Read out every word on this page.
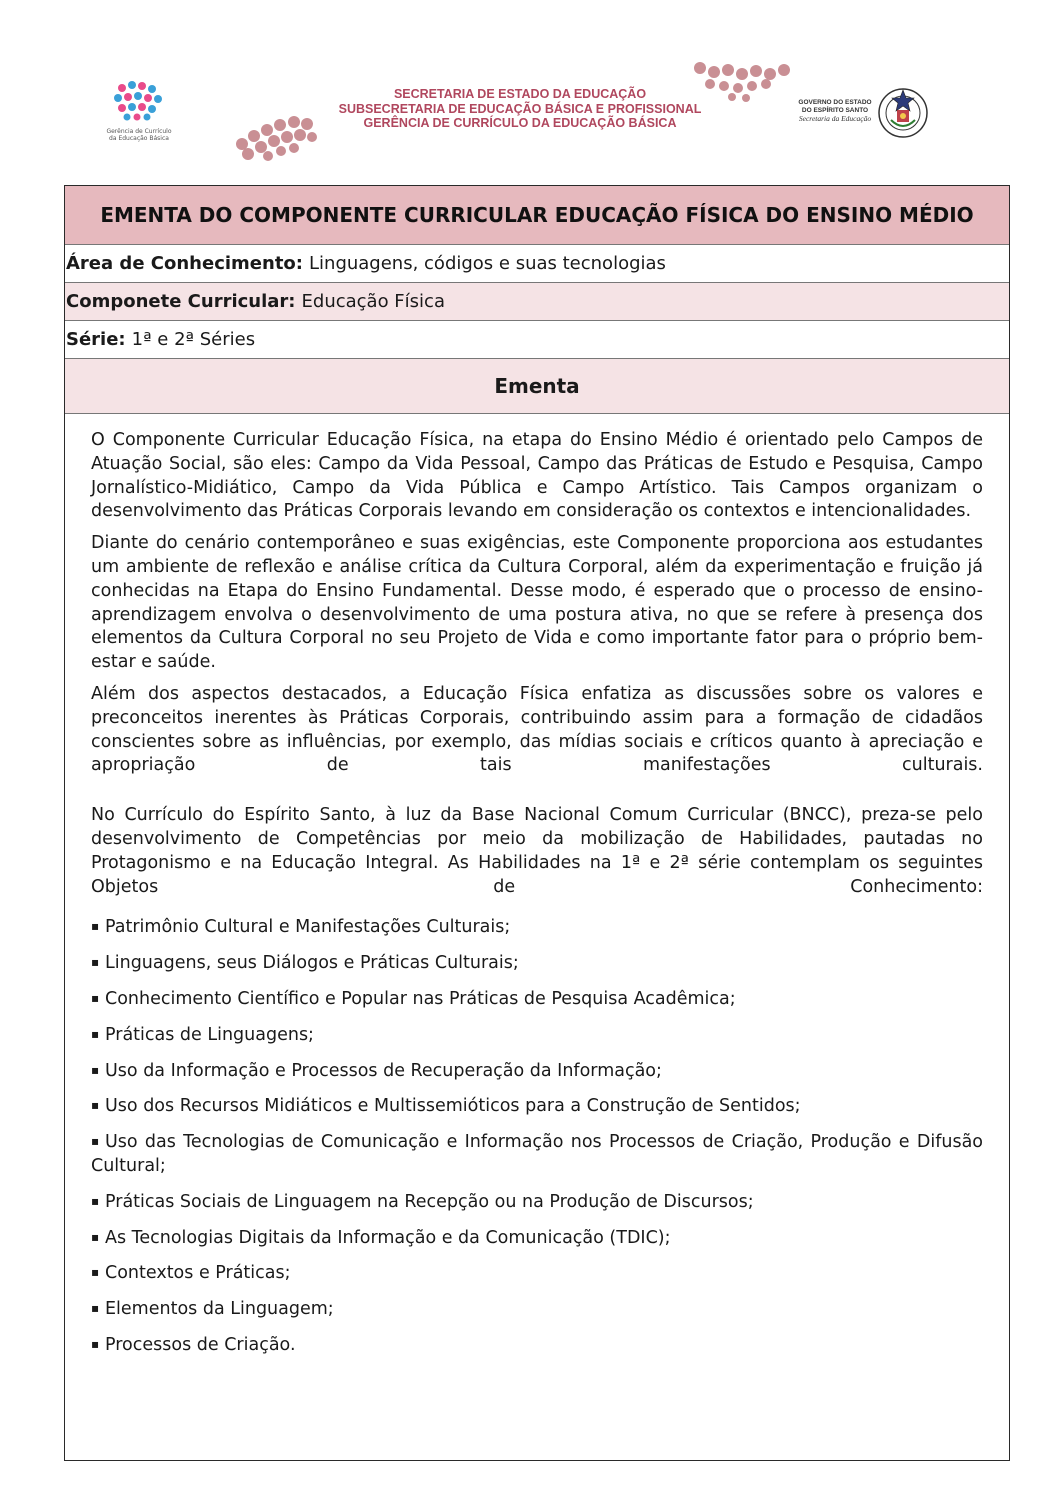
Gerência de Currículo
da Educação Básica
SECRETARIA DE ESTADO DA EDUCAÇÃO
SUBSECRETARIA DE EDUCAÇÃO BÁSICA E PROFISSIONAL
GERÊNCIA DE CURRÍCULO DA EDUCAÇÃO BÁSICA
GOVERNO DO ESTADO
DO ESPÍRITO SANTO
Secretaria da Educação
EMENTA DO COMPONENTE CURRICULAR EDUCAÇÃO FÍSICA DO ENSINO MÉDIO
Área de Conhecimento: Linguagens, códigos e suas tecnologias
Componete Curricular: Educação Física
Série: 1ª e 2ª Séries
Ementa

O Componente Curricular Educação Física, na etapa do Ensino Médio é orientado pelo Campos de Atuação Social, são eles: Campo da Vida Pessoal, Campo das Práticas de Estudo e Pesquisa, Campo Jornalístico-Midiático, Campo da Vida Pública e Campo Artístico. Tais Campos organizam o desenvolvimento das Práticas Corporais levando em consideração os contextos e intencionalidades.

Diante do cenário contemporâneo e suas exigências, este Componente proporciona aos estudantes um ambiente de reflexão e análise crítica da Cultura Corporal, além da experimentação e fruição já conhecidas na Etapa do Ensino Fundamental. Desse modo, é esperado que o processo de ensino-aprendizagem envolva o desenvolvimento de uma postura ativa, no que se refere à presença dos elementos da Cultura Corporal no seu Projeto de Vida e como importante fator para o próprio bem-estar e saúde.

Além dos aspectos destacados, a Educação Física enfatiza as discussões sobre os valores e preconceitos inerentes às Práticas Corporais, contribuindo assim para a formação de cidadãos conscientes sobre as influências, por exemplo, das mídias sociais e críticos quanto à apreciação e apropriação de tais manifestações culturais.

No Currículo do Espírito Santo, à luz da Base Nacional Comum Curricular (BNCC), preza-se pelo desenvolvimento de Competências por meio da mobilização de Habilidades, pautadas no Protagonismo e na Educação Integral. As Habilidades na 1ª e 2ª série contemplam os seguintes Objetos de Conhecimento:

▪ Patrimônio Cultural e Manifestações Culturais;
▪ Linguagens, seus Diálogos e Práticas Culturais;
▪ Conhecimento Científico e Popular nas Práticas de Pesquisa Acadêmica;
▪ Práticas de Linguagens;
▪ Uso da Informação e Processos de Recuperação da Informação;
▪ Uso dos Recursos Midiáticos e Multissemióticos para a Construção de Sentidos;
▪ Uso das Tecnologias de Comunicação e Informação nos Processos de Criação, Produção e Difusão Cultural;
▪ Práticas Sociais de Linguagem na Recepção ou na Produção de Discursos;
▪ As Tecnologias Digitais da Informação e da Comunicação (TDIC);
▪ Contextos e Práticas;
▪ Elementos da Linguagem;
▪ Processos de Criação.
